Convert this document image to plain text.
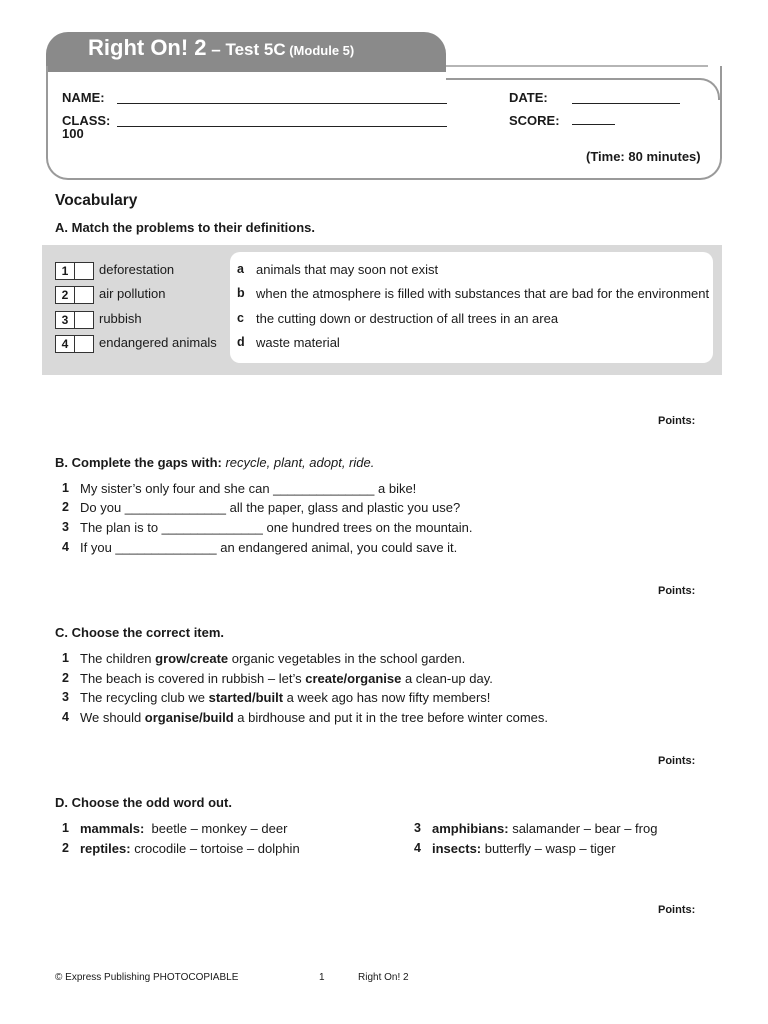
Right On! 2 – Test 5C (Module 5)
NAME:
CLASS:
100
DATE:
SCORE:
(Time: 80 minutes)
Vocabulary
A. Match the problems to their definitions.
1	deforestation
2	air pollution
3	rubbish
4	endangered animals
a animals that may soon not exist
b when the atmosphere is filled with substances that are bad for the environment
c the cutting down or destruction of all trees in an area
d waste material
Points:
B. Complete the gaps with: recycle, plant, adopt, ride.
1 My sister’s only four and she can ______________ a bike!
2 Do you ______________ all the paper, glass and plastic you use?
3 The plan is to ______________ one hundred trees on the mountain.
4 If you ______________ an endangered animal, you could save it.
Points:
C. Choose the correct item.
1 The children grow/create organic vegetables in the school garden.
2 The beach is covered in rubbish – let’s create/organise a clean-up day.
3 The recycling club we started/built a week ago has now fifty members!
4 We should organise/build a birdhouse and put it in the tree before winter comes.
Points:
D. Choose the odd word out.
1 mammals:  beetle – monkey – deer
2 reptiles: crocodile – tortoise – dolphin
3 amphibians: salamander – bear – frog
4 insects: butterfly – wasp – tiger
Points:
© Express Publishing PHOTOCOPIABLE	1	Right On! 2
